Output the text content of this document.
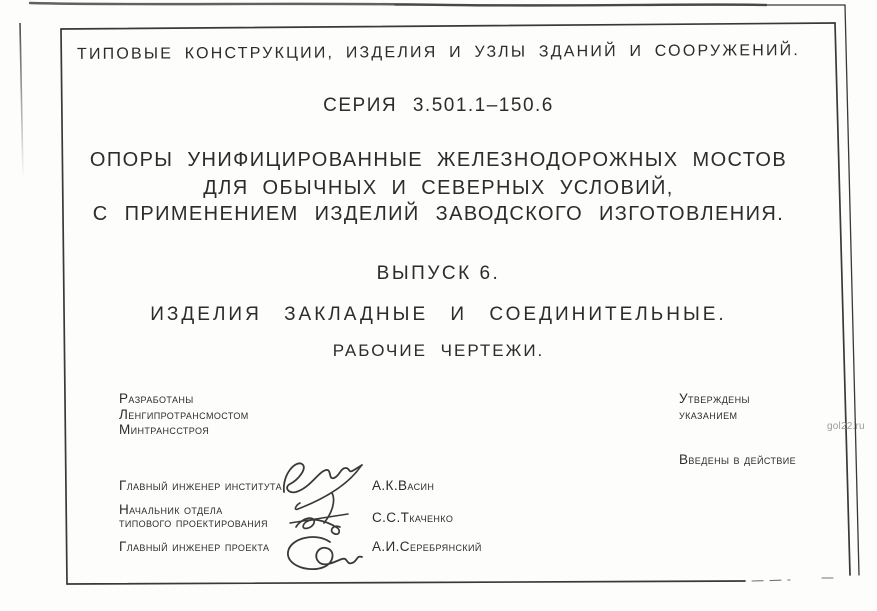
ТИПОВЫЕ КОНСТРУКЦИИ, ИЗДЕЛИЯ И УЗЛЫ ЗДАНИЙ И СООРУЖЕНИЙ.
СЕРИЯ 3.501.1–150.6
ОПОРЫ УНИФИЦИРОВАННЫЕ ЖЕЛЕЗНОДОРОЖНЫХ МОСТОВ
ДЛЯ ОБЫЧНЫХ И СЕВЕРНЫХ УСЛОВИЙ,
С ПРИМЕНЕНИЕМ ИЗДЕЛИЙ ЗАВОДСКОГО ИЗГОТОВЛЕНИЯ.
ВЫПУСК 6.
ИЗДЕЛИЯ ЗАКЛАДНЫЕ И СОЕДИНИТЕЛЬНЫЕ.
РАБОЧИЕ ЧЕРТЕЖИ.
Разработаны
Ленгипротрансмостом
Минтрансстроя
Утверждены
указанием
Введены в действие
gol22.ru
Главный инженер института	А.К.Васин
Начальник отдела
типового проектирования	С.С.Ткаченко
Главный инженер проекта	А.И.Серебрянский
